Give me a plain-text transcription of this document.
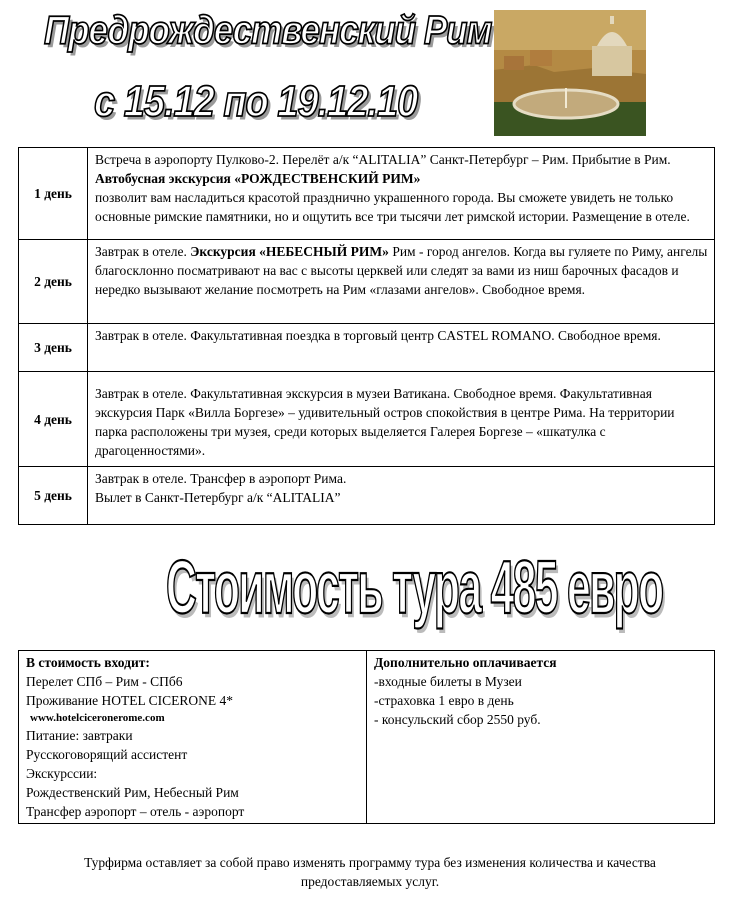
Предрождественский Рим
с 15.12 по 19.12.10
1 день	Встреча в аэропорту Пулково-2. Перелёт а/к “ALITALIA” Санкт-Петербург – Рим. Прибытие в Рим. Автобусная экскурсия «РОЖДЕСТВЕНСКИЙ РИМ»
позволит вам насладиться красотой празднично украшенного города. Вы сможете увидеть не только основные римские памятники, но и ощутить все три тысячи лет римской истории. Размещение в отеле.
2 день	Завтрак в отеле. Экскурсия «НЕБЕСНЫЙ РИМ» Рим - город ангелов. Когда вы гуляете по Риму, ангелы благосклонно посматривают на вас с высоты церквей или следят за вами из ниш барочных фасадов и нередко вызывают желание посмотреть на Рим «глазами ангелов». Свободное время.
3 день	Завтрак в отеле. Факультативная поездка в торговый центр CASTEL ROMANO. Свободное время.
4 день	Завтрак в отеле. Факультативная экскурсия в музеи Ватикана. Свободное время. Факультативная экскурсия Парк «Вилла Боргезе» – удивительный остров спокойствия в центре Рима. На территории парка расположены три музея, среди которых выделяется Галерея Боргезе – «шкатулка с драгоценностями».
5 день	Завтрак в отеле. Трансфер в аэропорт Рима.
Вылет в Санкт-Петербург а/к “ALITALIA”
Стоимость тура 485 евро
В стоимость входит:
Перелет СПб – Рим - СПб6
Проживание HOTEL CICERONE 4*
www.hotelciceronerome.com
Питание: завтраки
Русскоговорящий ассистент
Экскурссии:
Рождественский Рим, Небесный Рим
Трансфер аэропорт – отель - аэропорт

Дополнительно оплачивается
-входные билеты в Музеи
-страховка 1 евро в день
- консульский сбор 2550 руб.
Турфирма оставляет за собой право изменять программу тура без изменения количества и качества предоставляемых услуг.
